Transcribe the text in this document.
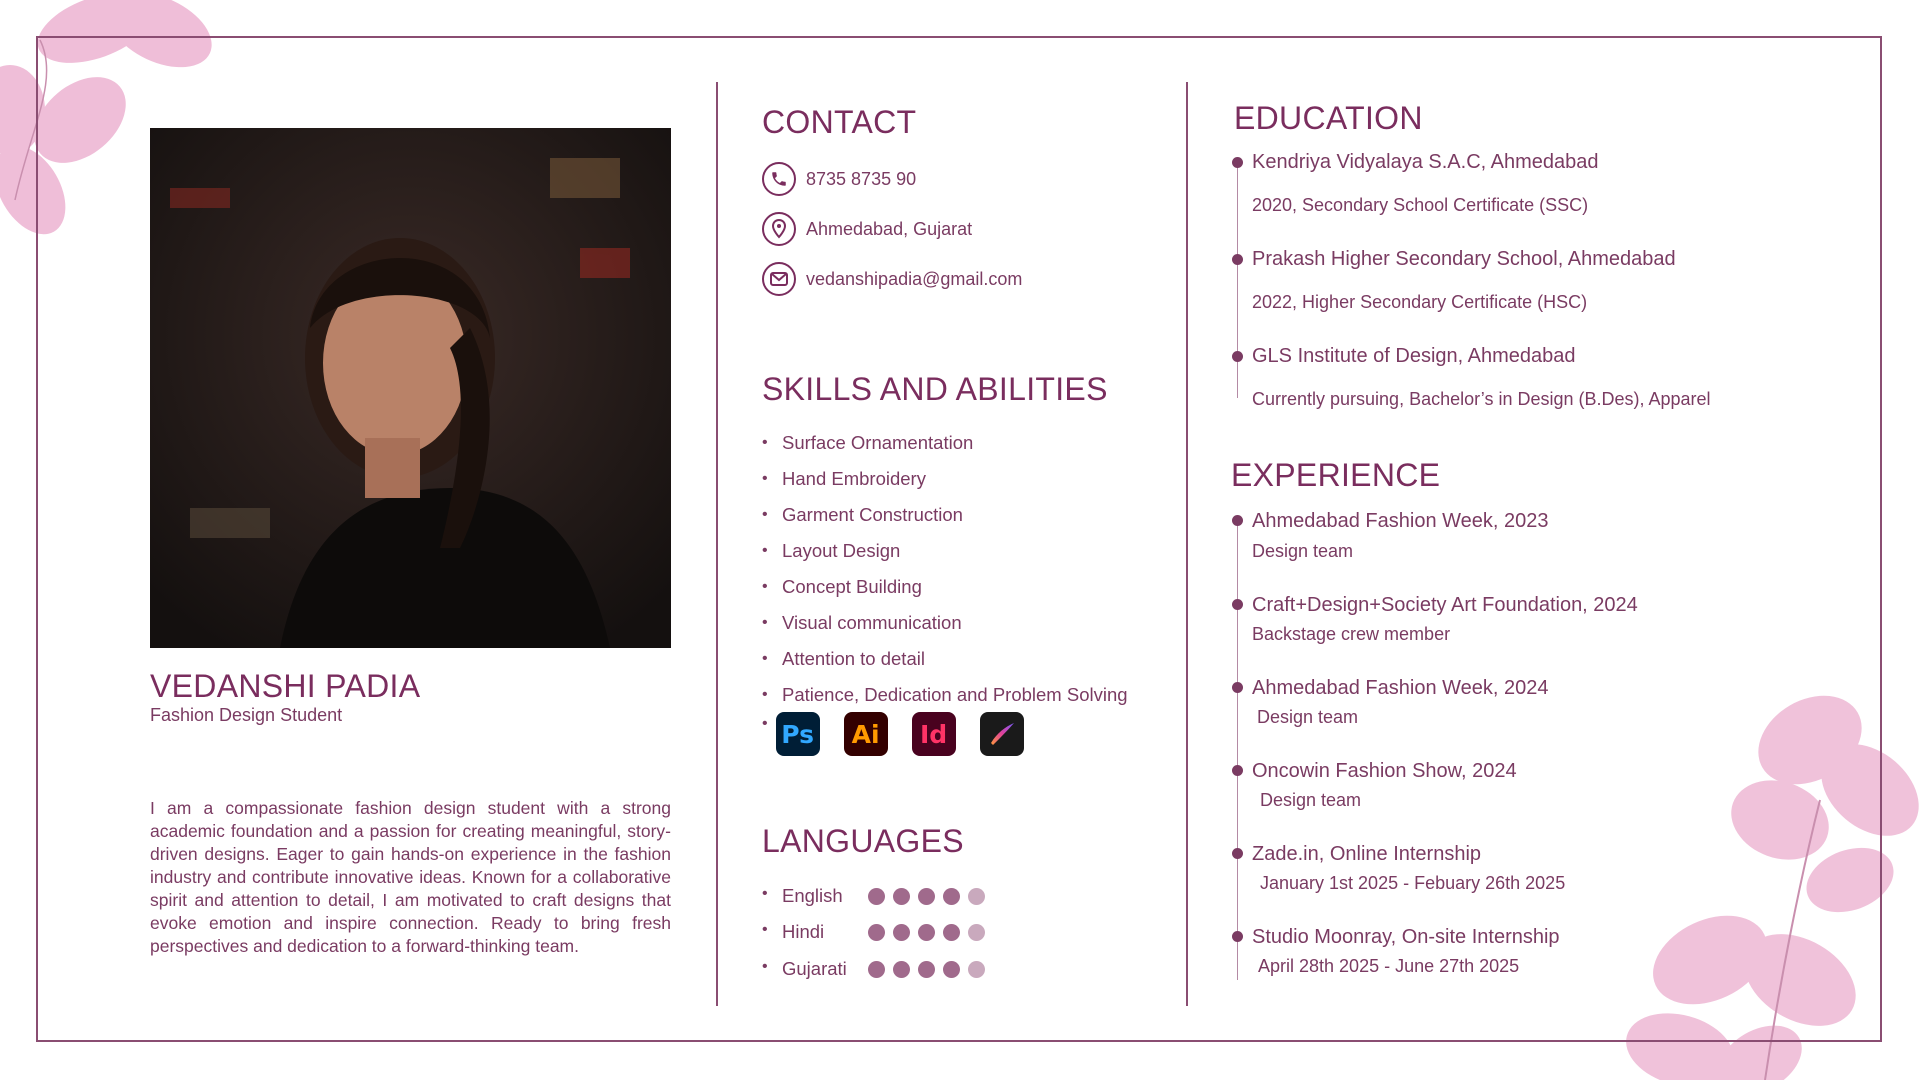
VEDANSHI PADIA
Fashion Design Student
I am a compassionate fashion design student with a strong academic foundation and a passion for creating meaningful, story-driven designs. Eager to gain hands-on experience in the fashion industry and contribute innovative ideas. Known for a collaborative spirit and attention to detail, I am motivated to craft designs that evoke emotion and inspire connection. Ready to bring fresh perspectives and dedication to a forward-thinking team.
CONTACT
8735 8735 90
Ahmedabad, Gujarat
vedanshipadia@gmail.com
SKILLS AND ABILITIES
• Surface Ornamentation
• Hand Embroidery
• Garment Construction
• Layout Design
• Concept Building
• Visual communication
• Attention to detail
• Patience, Dedication and Problem Solving
• Ps	Ai	Id
LANGUAGES
• English
• Hindi
• Gujarati
EDUCATION
Kendriya Vidyalaya S.A.C, Ahmedabad
2020, Secondary School Certificate (SSC)
Prakash Higher Secondary School, Ahmedabad
2022, Higher Secondary Certificate (HSC)
GLS Institute of Design, Ahmedabad
Currently pursuing, Bachelor’s in Design (B.Des), Apparel
EXPERIENCE
Ahmedabad Fashion Week, 2023
Design team
Craft+Design+Society Art Foundation, 2024
Backstage crew member
Ahmedabad Fashion Week, 2024
Design team
Oncowin Fashion Show, 2024
Design team
Zade.in, Online Internship
January 1st 2025 - Febuary 26th 2025
Studio Moonray, On-site Internship
April 28th 2025 - June 27th 2025
